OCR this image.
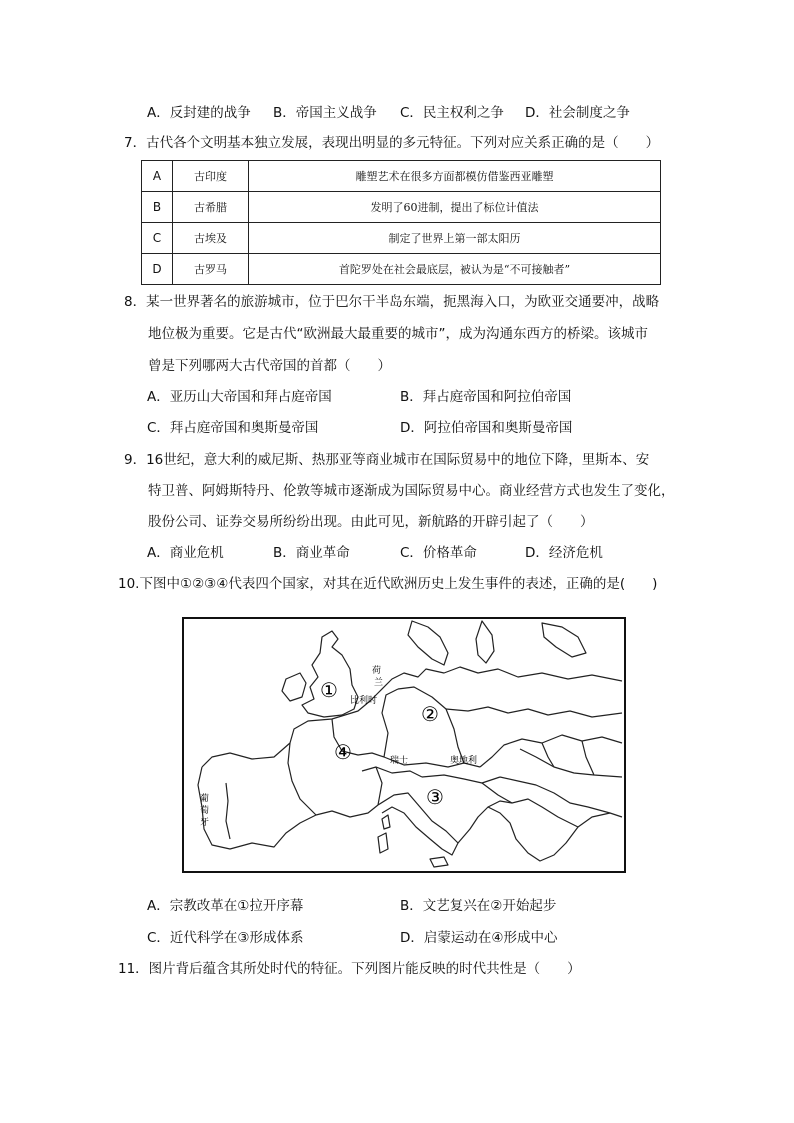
A．反封建的战争 B．帝国主义战争 C．民主权利之争 D．社会制度之争
7．古代各个文明基本独立发展，表现出明显的多元特征。下列对应关系正确的是（　　）
A	古印度	雕塑艺术在很多方面都模仿借鉴西亚雕塑
B	古希腊	发明了60进制，提出了标位计值法
C	古埃及	制定了世界上第一部太阳历
D	古罗马	首陀罗处在社会最底层，被认为是“不可接触者”
8．某一世界著名的旅游城市，位于巴尔干半岛东端，扼黑海入口，为欧亚交通要冲，战略
地位极为重要。它是古代“欧洲最大最重要的城市”，成为沟通东西方的桥梁。该城市
曾是下列哪两大古代帝国的首都（　　）
A．亚历山大帝国和拜占庭帝国	B．拜占庭帝国和阿拉伯帝国
C．拜占庭帝国和奥斯曼帝国	D．阿拉伯帝国和奥斯曼帝国
9．16世纪，意大利的威尼斯、热那亚等商业城市在国际贸易中的地位下降，里斯本、安
特卫普、阿姆斯特丹、伦敦等城市逐渐成为国际贸易中心。商业经营方式也发生了变化，
股份公司、证券交易所纷纷出现。由此可见，新航路的开辟引起了（　　）
A．商业危机	B．商业革命	C．价格革命	D．经济危机
10.下图中①②③④代表四个国家，对其在近代欧洲历史上发生事件的表述，正确的是(　　)
①
②
③
④
荷
兰
比利时
瑞士	奥地利
葡
萄
牙
A．宗教改革在①拉开序幕	B．文艺复兴在②开始起步
C．近代科学在③形成体系	D．启蒙运动在④形成中心
11．图片背后蕴含其所处时代的特征。下列图片能反映的时代共性是（　　）
